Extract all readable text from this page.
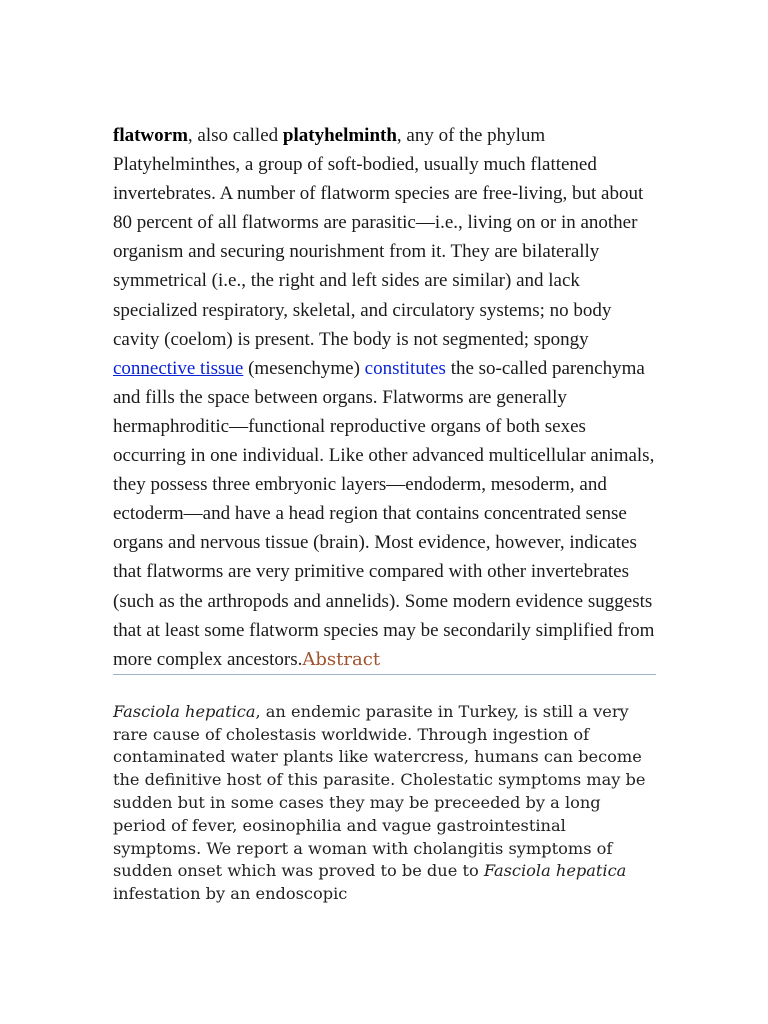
flatworm, also called platyhelminth, any of the phylum Platyhelminthes, a group of soft-bodied, usually much flattened invertebrates. A number of flatworm species are free-living, but about 80 percent of all flatworms are parasitic—i.e., living on or in another organism and securing nourishment from it. They are bilaterally symmetrical (i.e., the right and left sides are similar) and lack specialized respiratory, skeletal, and circulatory systems; no body cavity (coelom) is present. The body is not segmented; spongy connective tissue (mesenchyme) constitutes the so-called parenchyma and fills the space between organs. Flatworms are generally hermaphroditic—functional reproductive organs of both sexes occurring in one individual. Like other advanced multicellular animals, they possess three embryonic layers—endoderm, mesoderm, and ectoderm—and have a head region that contains concentrated sense organs and nervous tissue (brain). Most evidence, however, indicates that flatworms are very primitive compared with other invertebrates (such as the arthropods and annelids). Some modern evidence suggests that at least some flatworm species may be secondarily simplified from more complex ancestors.Abstract

Fasciola hepatica, an endemic parasite in Turkey, is still a very rare cause of cholestasis worldwide. Through ingestion of contaminated water plants like watercress, humans can become the definitive host of this parasite. Cholestatic symptoms may be sudden but in some cases they may be preceeded by a long period of fever, eosinophilia and vague gastrointestinal symptoms. We report a woman with cholangitis symptoms of sudden onset which was proved to be due to Fasciola hepatica infestation by an endoscopic
